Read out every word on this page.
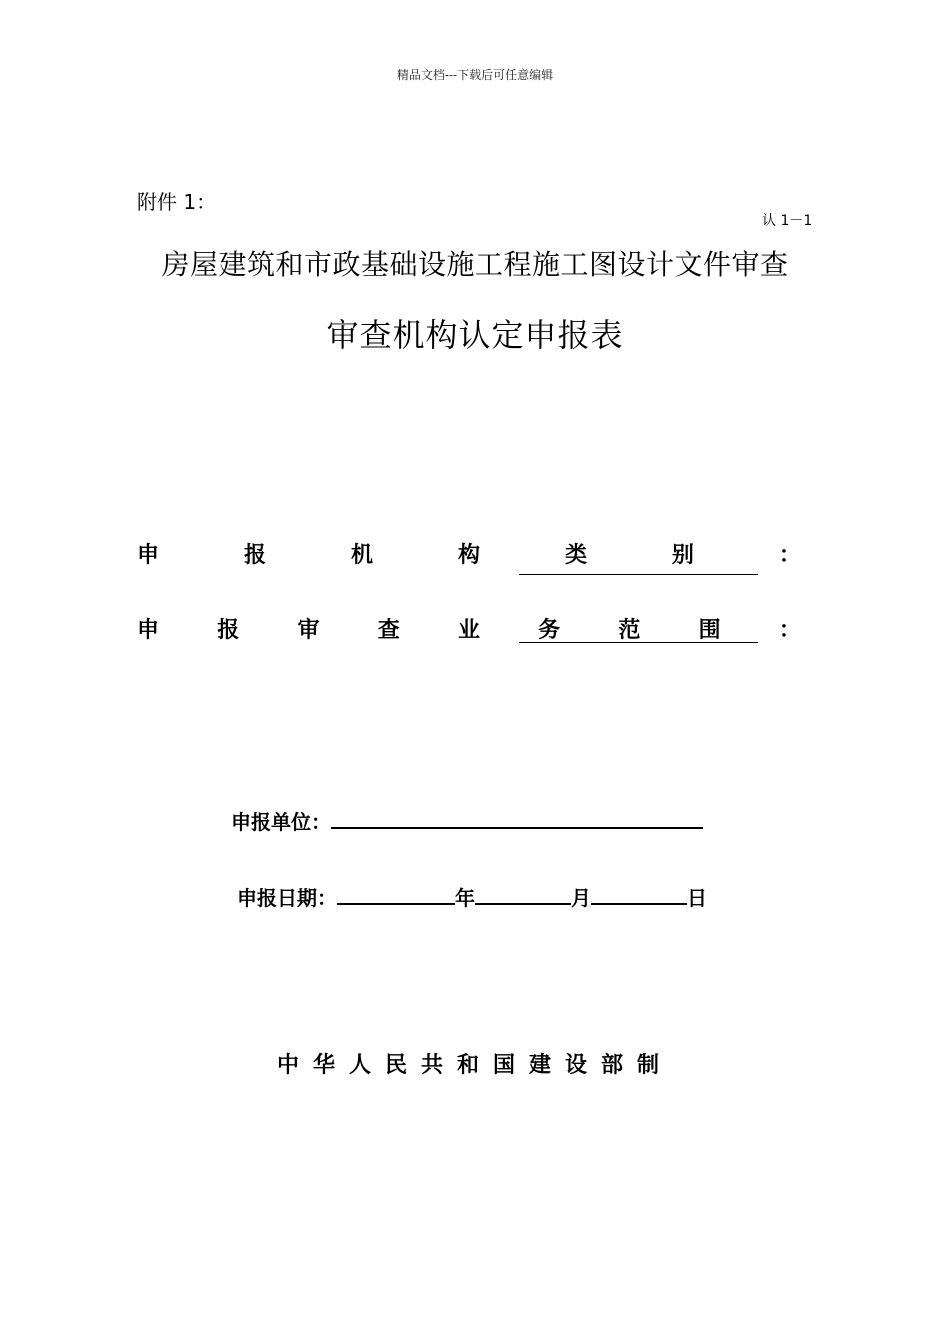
精品文档---下载后可任意编辑
附件 1：
认 1－1
房屋建筑和市政基础设施工程施工图设计文件审查
审查机构认定申报表
申	报	机	构	类	别	：
申	报	审	查	业	务	范	围	：
申报单位：
申报日期：	年	月	日
中华人民共和国建设部制
